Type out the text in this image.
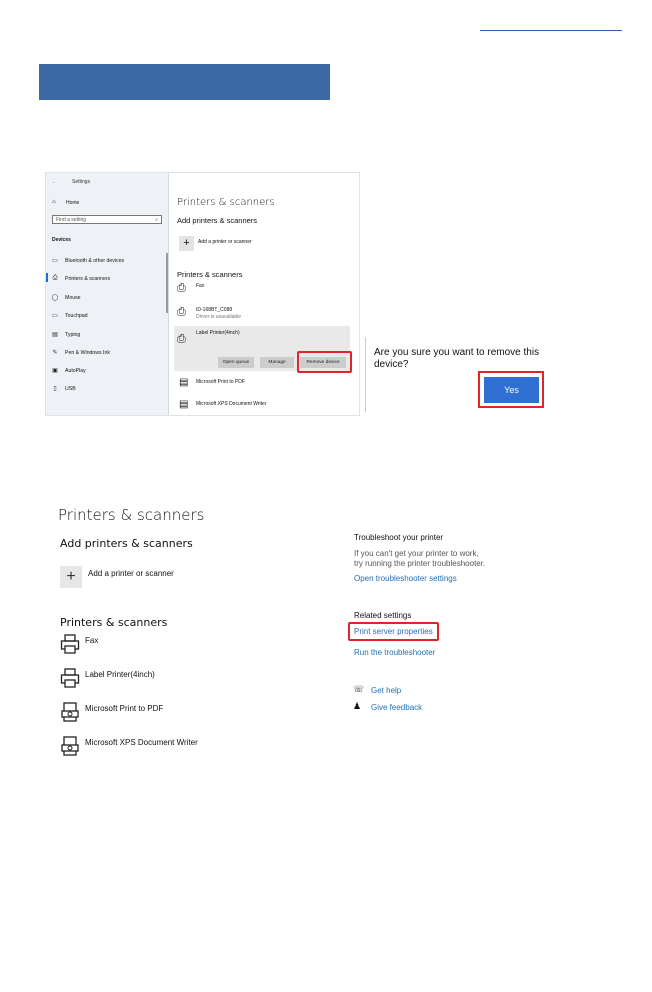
←	Settings
⌂ Home
Find a setting	⌕
Devices
▭ Bluetooth & other devices
⎙	Printers & scanners
◯ Mouse
▭ Touchpad
▤ Typing
✎ Pen & Windows Ink
▣ AutoPlay
▯	USB
Printers & scanners
Add printers & scanners
+	Add a printer or scanner
Printers & scanners
⎙ Fax
⎙ ID-168BT_C088
Driver is unavailable
⎙ Label Printer(4inch)
Open queue	Manage	Remove device
▤ Microsoft Print to PDF
▤ Microsoft XPS Document Writer
Are you sure you want to remove this device?
Yes
Printers & scanners
Add printers & scanners
+	Add a printer or scanner
Printers & scanners
Fax
Label Printer(4inch)
Microsoft Print to PDF
Microsoft XPS Document Writer
Troubleshoot your printer
If you can't get your printer to work,
try running the printer troubleshooter.
Open troubleshooter settings
Related settings
Print server properties
Run the troubleshooter
☏ Get help
♟ Give feedback
